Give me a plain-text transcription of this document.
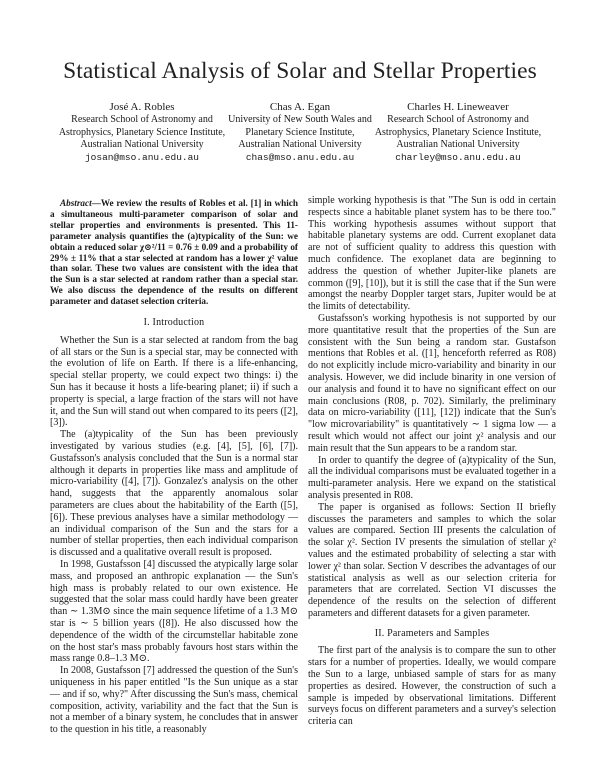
Statistical Analysis of Solar and Stellar Properties
José A. Robles
Research School of Astronomy and
Astrophysics, Planetary Science Institute,
Australian National University
josan@mso.anu.edu.au
Chas A. Egan
University of New South Wales and
Planetary Science Institute,
Australian National University
chas@mso.anu.edu.au
Charles H. Lineweaver
Research School of Astronomy and
Astrophysics, Planetary Science Institute,
Australian National University
charley@mso.anu.edu.au

Abstract—We review the results of Robles et al. [1] in which a simultaneous multi-parameter comparison of solar and stellar properties and environments is presented. This 11-parameter analysis quantifies the (a)typicality of the Sun: we obtain a reduced solar χ⊙²/11 = 0.76 ± 0.09 and a probability of 29% ± 11% that a star selected at random has a lower χ² value than solar. These two values are consistent with the idea that the Sun is a star selected at random rather than a special star. We also discuss the dependence of the results on different parameter and dataset selection criteria.

I. Introduction

Whether the Sun is a star selected at random from the bag of all stars or the Sun is a special star, may be connected with the evolution of life on Earth. If there is a life-enhancing, special stellar property, we could expect two things: i) the Sun has it because it hosts a life-bearing planet; ii) if such a property is special, a large fraction of the stars will not have it, and the Sun will stand out when compared to its peers ([2], [3]).

The (a)typicality of the Sun has been previously investigated by various studies (e.g. [4], [5], [6], [7]). Gustafsson's analysis concluded that the Sun is a normal star although it departs in properties like mass and amplitude of micro-variability ([4], [7]). Gonzalez's analysis on the other hand, suggests that the apparently anomalous solar parameters are clues about the habitability of the Earth ([5], [6]). These previous analyses have a similar methodology — an individual comparison of the Sun and the stars for a number of stellar properties, then each individual comparison is discussed and a qualitative overall result is proposed.

In 1998, Gustafsson [4] discussed the atypically large solar mass, and proposed an anthropic explanation — the Sun's high mass is probably related to our own existence. He suggested that the solar mass could hardly have been greater than ∼ 1.3M⊙ since the main sequence lifetime of a 1.3 M⊙ star is ∼ 5 billion years ([8]). He also discussed how the dependence of the width of the circumstellar habitable zone on the host star's mass probably favours host stars within the mass range 0.8–1.3 M⊙.

In 2008, Gustafsson [7] addressed the question of the Sun's uniqueness in his paper entitled "Is the Sun unique as a star — and if so, why?" After discussing the Sun's mass, chemical composition, activity, variability and the fact that the Sun is not a member of a binary system, he concludes that in answer to the question in his title, a reasonably

simple working hypothesis is that "The Sun is odd in certain respects since a habitable planet system has to be there too." This working hypothesis assumes without support that habitable planetary systems are odd. Current exoplanet data are not of sufficient quality to address this question with much confidence. The exoplanet data are beginning to address the question of whether Jupiter-like planets are common ([9], [10]), but it is still the case that if the Sun were amongst the nearby Doppler target stars, Jupiter would be at the limits of detectability.

Gustafsson's working hypothesis is not supported by our more quantitative result that the properties of the Sun are consistent with the Sun being a random star. Gustafson mentions that Robles et al. ([1], henceforth referred as R08) do not explicitly include micro-variability and binarity in our analysis. However, we did include binarity in one version of our analysis and found it to have no significant effect on our main conclusions (R08, p. 702). Similarly, the preliminary data on micro-variability ([11], [12]) indicate that the Sun's "low microvariability" is quantitatively ∼ 1 sigma low — a result which would not affect our joint χ² analysis and our main result that the Sun appears to be a random star.

In order to quantify the degree of (a)typicality of the Sun, all the individual comparisons must be evaluated together in a multi-parameter analysis. Here we expand on the statistical analysis presented in R08.

The paper is organised as follows: Section II briefly discusses the parameters and samples to which the solar values are compared. Section III presents the calculation of the solar χ². Section IV presents the simulation of stellar χ² values and the estimated probability of selecting a star with lower χ² than solar. Section V describes the advantages of our statistical analysis as well as our selection criteria for parameters that are correlated. Section VI discusses the dependence of the results on the selection of different parameters and different datasets for a given parameter.

II. Parameters and Samples

The first part of the analysis is to compare the sun to other stars for a number of properties. Ideally, we would compare the Sun to a large, unbiased sample of stars for as many properties as desired. However, the construction of such a sample is impeded by observational limitations. Different surveys focus on different parameters and a survey's selection criteria can
